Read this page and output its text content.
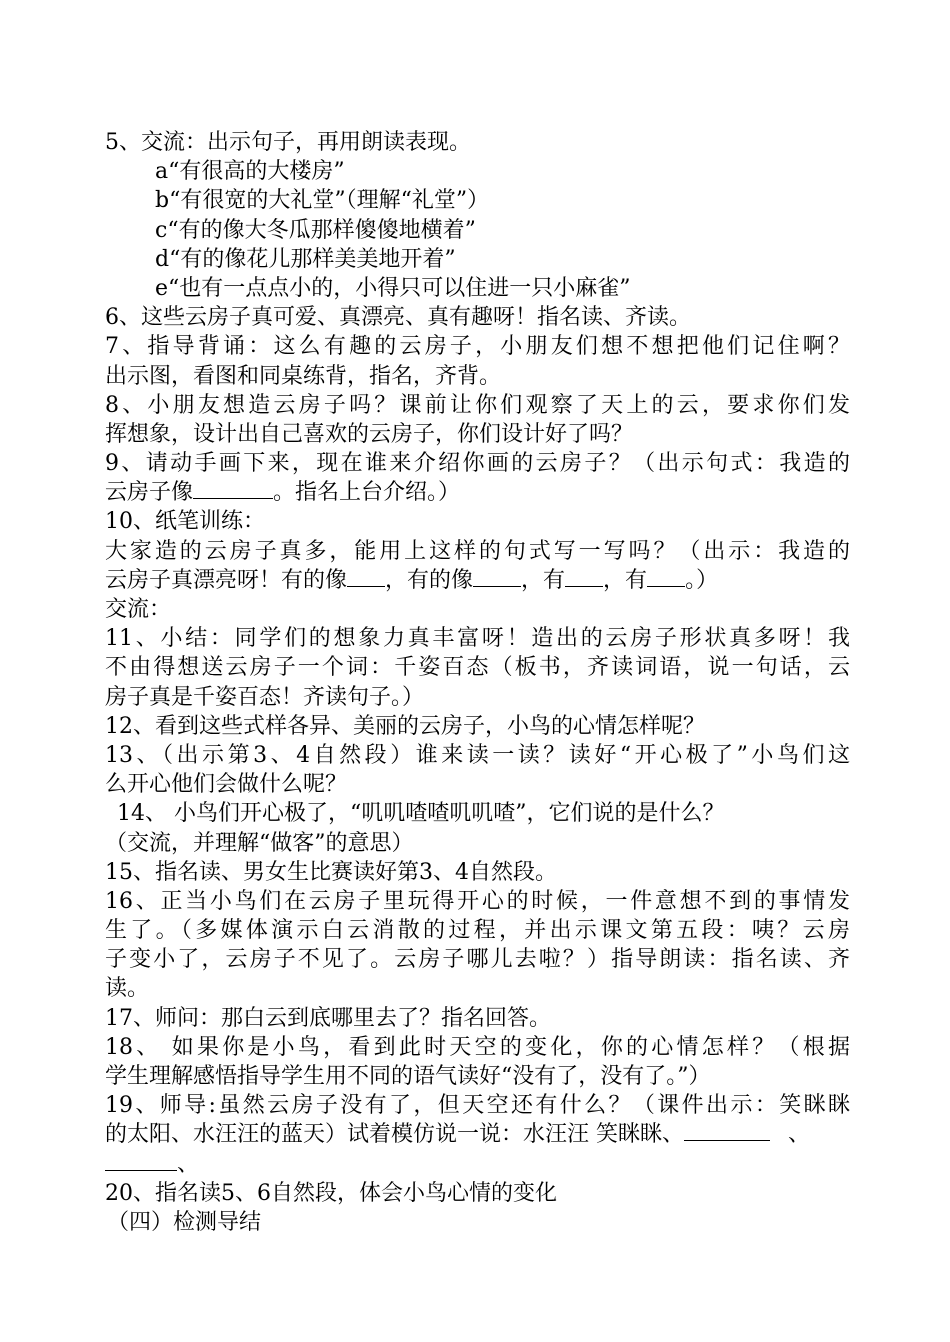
5、交流：出示句子，再用朗读表现。
a“有很高的大楼房”
b“有很宽的大礼堂”（理解“礼堂”）
c“有的像大冬瓜那样傻傻地横着”
d“有的像花儿那样美美地开着”
e“也有一点点小的，小得只可以住进一只小麻雀”
6、这些云房子真可爱、真漂亮、真有趣呀！指名读、齐读。
7、指导背诵：这么有趣的云房子，小朋友们想不想把他们记住啊？
出示图，看图和同桌练背，指名，齐背。
8、小朋友想造云房子吗？课前让你们观察了天上的云，要求你们发
挥想象，设计出自己喜欢的云房子，你们设计好了吗？
9、请动手画下来，现在谁来介绍你画的云房子？（出示句式：我造的
云房子像	。指名上台介绍。）
10、纸笔训练：
大家造的云房子真多，能用上这样的句式写一写吗？（出示：我造的
云房子真漂亮呀！有的像 ，有的像 ，有 ，有 。）
交流：
11、小结：同学们的想象力真丰富呀！造出的云房子形状真多呀！我
不由得想送云房子一个词：千姿百态（板书，齐读词语，说一句话，云
房子真是千姿百态！齐读句子。）
12、看到这些式样各异、美丽的云房子，小鸟的心情怎样呢？
13、（出示第3、4自然段）谁来读一读？读好“开心极了”小鸟们这
么开心他们会做什么呢？
14、 小鸟们开心极了，“叽叽喳喳叽叽喳”，它们说的是什么？
（交流，并理解“做客”的意思）
15、指名读、男女生比赛读好第3、4自然段。
16、正当小鸟们在云房子里玩得开心的时候，一件意想不到的事情发
生了。（多媒体演示白云消散的过程，并出示课文第五段：咦？云房
子变小了，云房子不见了。云房子哪儿去啦？）指导朗读：指名读、齐
读。
17、师问：那白云到底哪里去了？指名回答。
18、 如果你是小鸟，看到此时天空的变化，你的心情怎样？（根据
学生理解感悟指导学生用不同的语气读好“没有了，没有了。”）
19、师导:虽然云房子没有了，但天空还有什么？（课件出示：笑眯眯
的太阳、水汪汪的蓝天）试着模仿说一说：水汪汪 笑眯眯、	、
、
20、指名读5、6自然段，体会小鸟心情的变化
（四）检测导结
